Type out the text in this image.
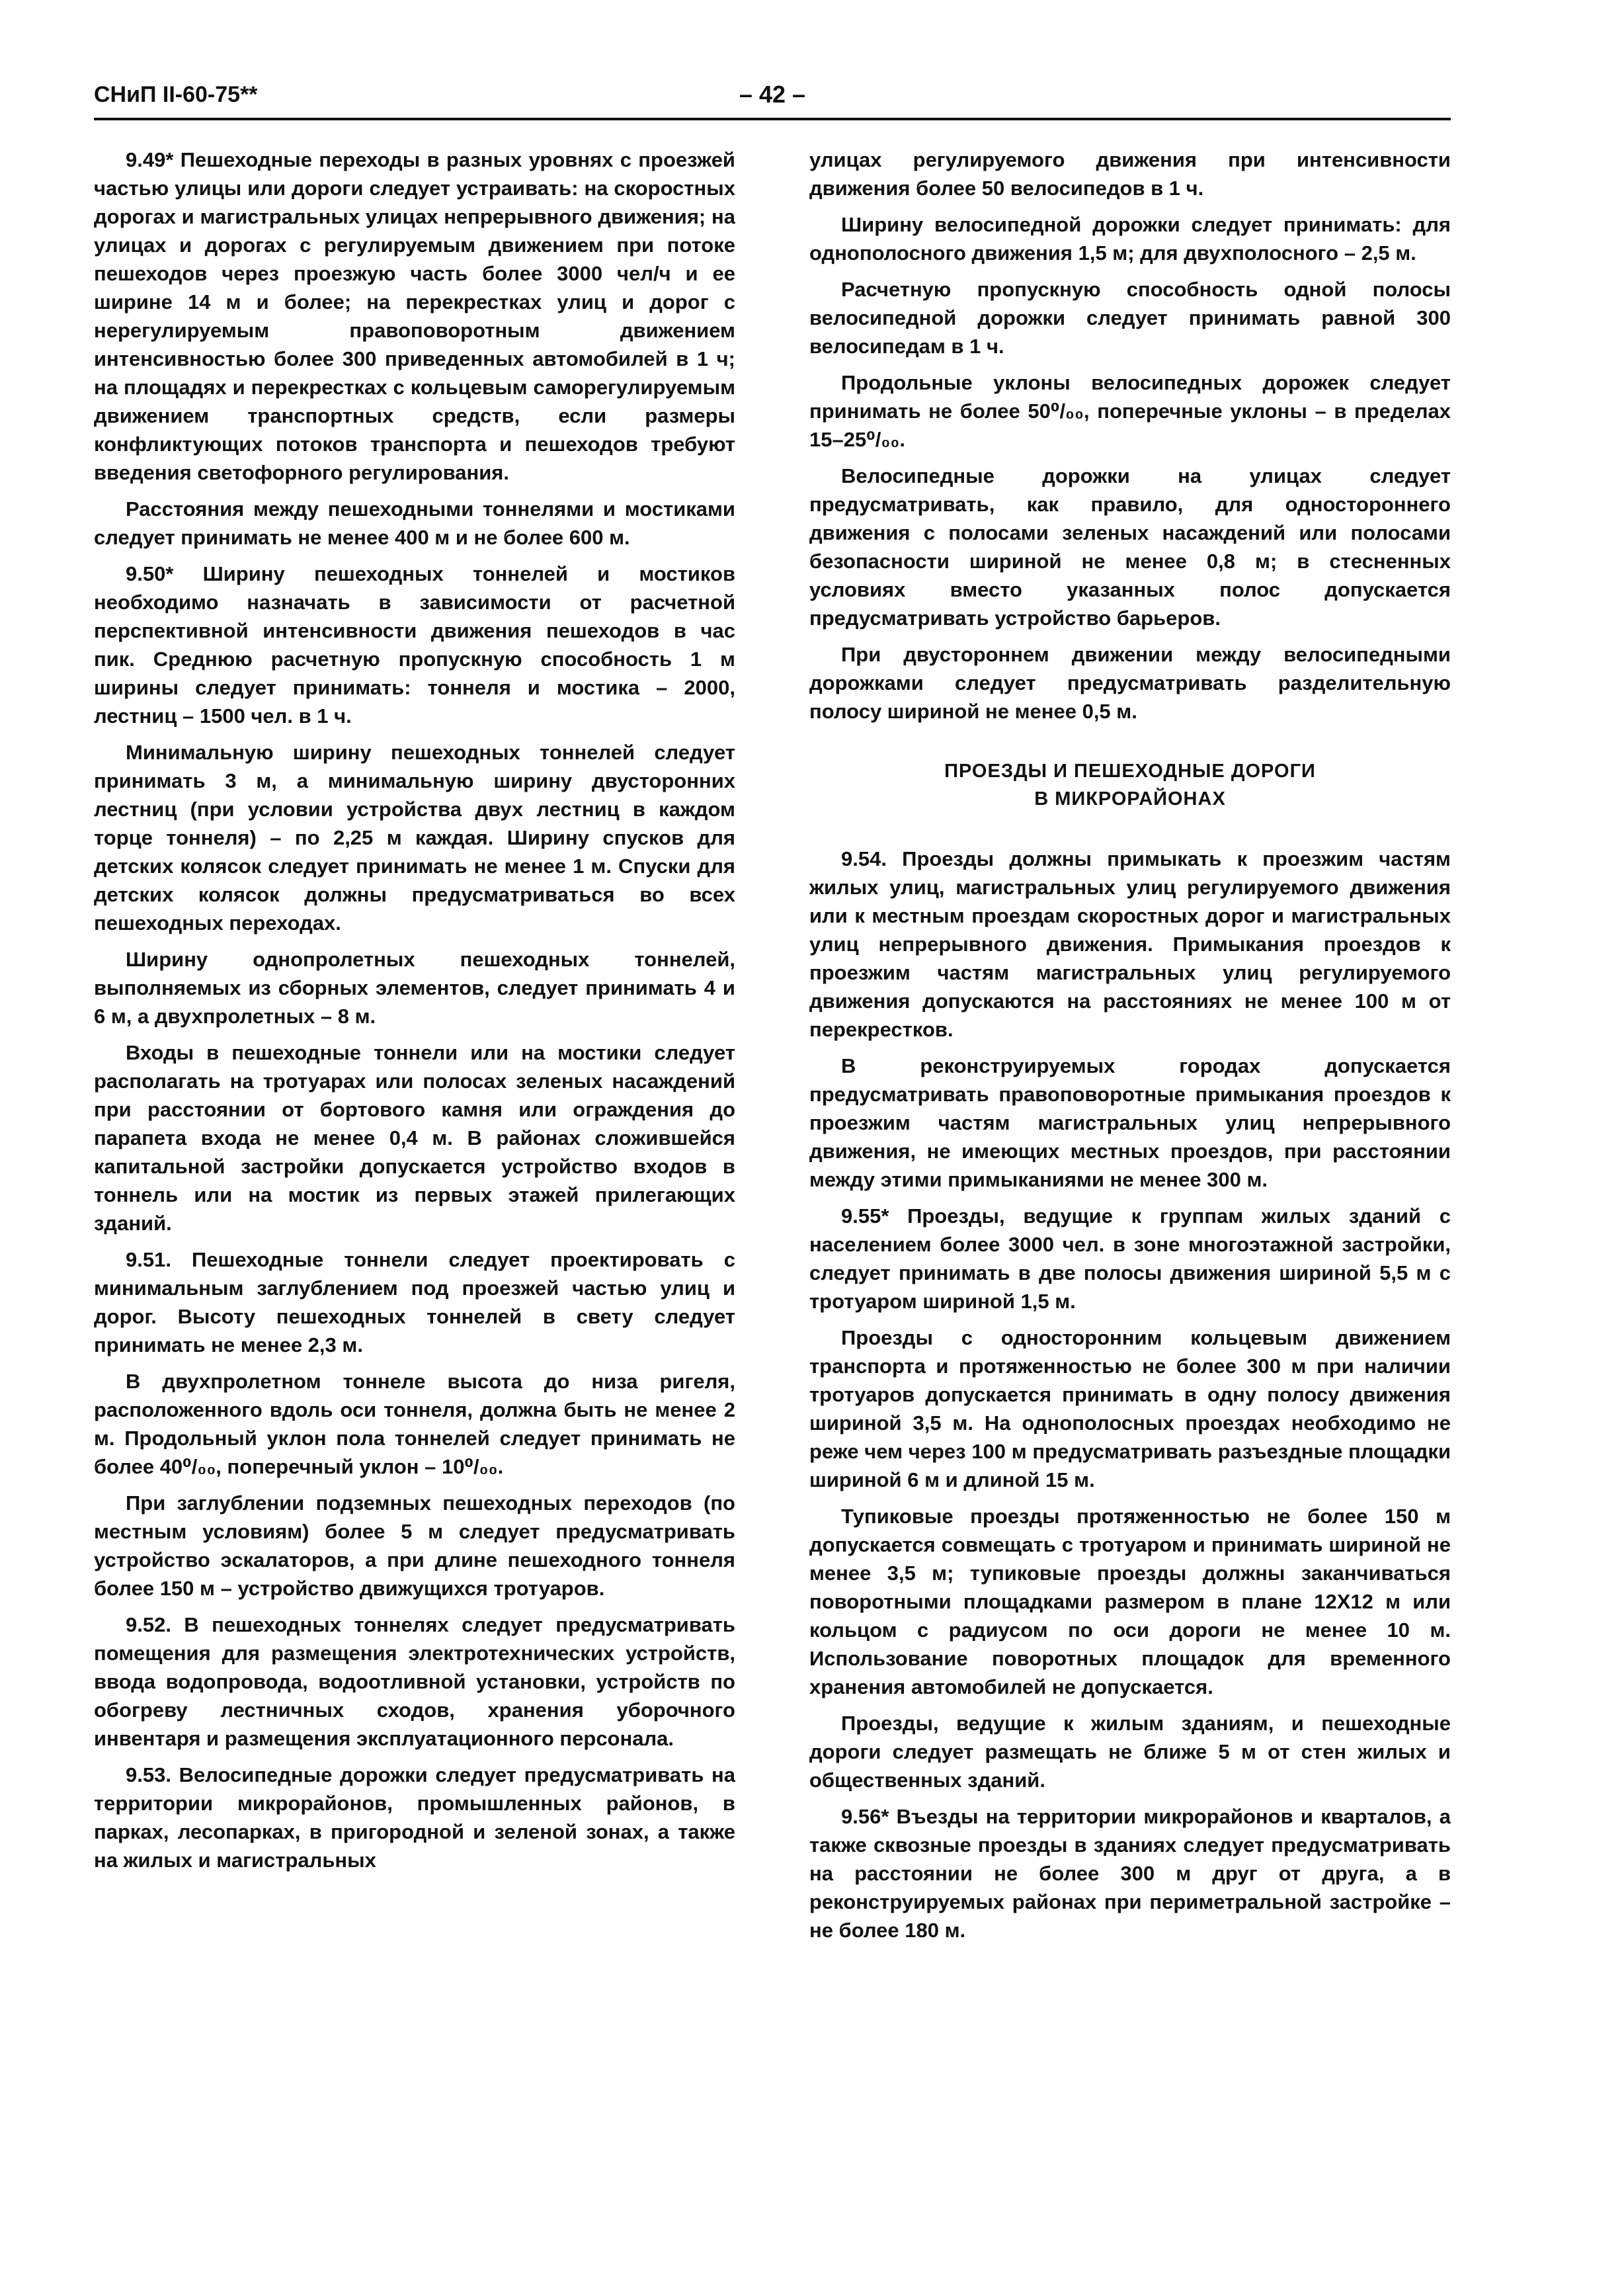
СНиП II-60-75**	– 42 –

9.49* Пешеходные переходы в разных уровнях с проезжей частью улицы или дороги следует устраивать: на скоростных дорогах и магистральных улицах непрерывного движения; на улицах и дорогах с регулируемым движением при потоке пешеходов через проезжую часть более 3000 чел/ч и ее ширине 14 м и более; на перекрестках улиц и дорог с нерегулируемым правоповоротным движением интенсивностью более 300 приведенных автомобилей в 1 ч; на площадях и перекрестках с кольцевым саморегулируемым движением транспортных средств, если размеры конфликтующих потоков транспорта и пешеходов требуют введения светофорного регулирования.

Расстояния между пешеходными тоннелями и мостиками следует принимать не менее 400 м и не более 600 м.

9.50* Ширину пешеходных тоннелей и мостиков необходимо назначать в зависимости от расчетной перспективной интенсивности движения пешеходов в час пик. Среднюю расчетную пропускную способность 1 м ширины следует принимать: тоннеля и мостика – 2000, лестниц – 1500 чел. в 1 ч.

Минимальную ширину пешеходных тоннелей следует принимать 3 м, а минимальную ширину двусторонних лестниц (при условии устройства двух лестниц в каждом торце тоннеля) – по 2,25 м каждая. Ширину спусков для детских колясок следует принимать не менее 1 м. Спуски для детских колясок должны предусматриваться во всех пешеходных переходах.

Ширину однопролетных пешеходных тоннелей, выполняемых из сборных элементов, следует принимать 4 и 6 м, а двухпролетных – 8 м.

Входы в пешеходные тоннели или на мостики следует располагать на тротуарах или полосах зеленых насаждений при расстоянии от бортового камня или ограждения до парапета входа не менее 0,4 м. В районах сложившейся капитальной застройки допускается устройство входов в тоннель или на мостик из первых этажей прилегающих зданий.

9.51. Пешеходные тоннели следует проектировать с минимальным заглублением под проезжей частью улиц и дорог. Высоту пешеходных тоннелей в свету следует принимать не менее 2,3 м.

В двухпролетном тоннеле высота до низа ригеля, расположенного вдоль оси тоннеля, должна быть не менее 2 м. Продольный уклон пола тоннелей следует принимать не более 40⁰/₀₀, поперечный уклон – 10⁰/₀₀.

При заглублении подземных пешеходных переходов (по местным условиям) более 5 м следует предусматривать устройство эскалаторов, а при длине пешеходного тоннеля более 150 м – устройство движущихся тротуаров.

9.52. В пешеходных тоннелях следует предусматривать помещения для размещения электротехнических устройств, ввода водопровода, водоотливной установки, устройств по обогреву лестничных сходов, хранения уборочного инвентаря и размещения эксплуатационного персонала.

9.53. Велосипедные дорожки следует предусматривать на территории микрорайонов, промышленных районов, в парках, лесопарках, в пригородной и зеленой зонах, а также на жилых и магистральных

улицах регулируемого движения при интенсивности движения более 50 велосипедов в 1 ч.

Ширину велосипедной дорожки следует принимать: для однополосного движения 1,5 м; для двухполосного – 2,5 м.

Расчетную пропускную способность одной полосы велосипедной дорожки следует принимать равной 300 велосипедам в 1 ч.

Продольные уклоны велосипедных дорожек следует принимать не более 50⁰/₀₀, поперечные уклоны – в пределах 15–25⁰/₀₀.

Велосипедные дорожки на улицах следует предусматривать, как правило, для одностороннего движения с полосами зеленых насаждений или полосами безопасности шириной не менее 0,8 м; в стесненных условиях вместо указанных полос допускается предусматривать устройство барьеров.

При двустороннем движении между велосипедными дорожками следует предусматривать разделительную полосу шириной не менее 0,5 м.

ПРОЕЗДЫ И ПЕШЕХОДНЫЕ ДОРОГИ
В МИКРОРАЙОНАХ

9.54. Проезды должны примыкать к проезжим частям жилых улиц, магистральных улиц регулируемого движения или к местным проездам скоростных дорог и магистральных улиц непрерывного движения. Примыкания проездов к проезжим частям магистральных улиц регулируемого движения допускаются на расстояниях не менее 100 м от перекрестков.

В реконструируемых городах допускается предусматривать правоповоротные примыкания проездов к проезжим частям магистральных улиц непрерывного движения, не имеющих местных проездов, при расстоянии между этими примыканиями не менее 300 м.

9.55* Проезды, ведущие к группам жилых зданий с населением более 3000 чел. в зоне многоэтажной застройки, следует принимать в две полосы движения шириной 5,5 м с тротуаром шириной 1,5 м.

Проезды с односторонним кольцевым движением транспорта и протяженностью не более 300 м при наличии тротуаров допускается принимать в одну полосу движения шириной 3,5 м. На однополосных проездах необходимо не реже чем через 100 м предусматривать разъездные площадки шириной 6 м и длиной 15 м.

Тупиковые проезды протяженностью не более 150 м допускается совмещать с тротуаром и принимать шириной не менее 3,5 м; тупиковые проезды должны заканчиваться поворотными площадками размером в плане 12X12 м или кольцом с радиусом по оси дороги не менее 10 м. Использование поворотных площадок для временного хранения автомобилей не допускается.

Проезды, ведущие к жилым зданиям, и пешеходные дороги следует размещать не ближе 5 м от стен жилых и общественных зданий.

9.56* Въезды на территории микрорайонов и кварталов, а также сквозные проезды в зданиях следует предусматривать на расстоянии не более 300 м друг от друга, а в реконструируемых районах при периметральной застройке – не более 180 м.
